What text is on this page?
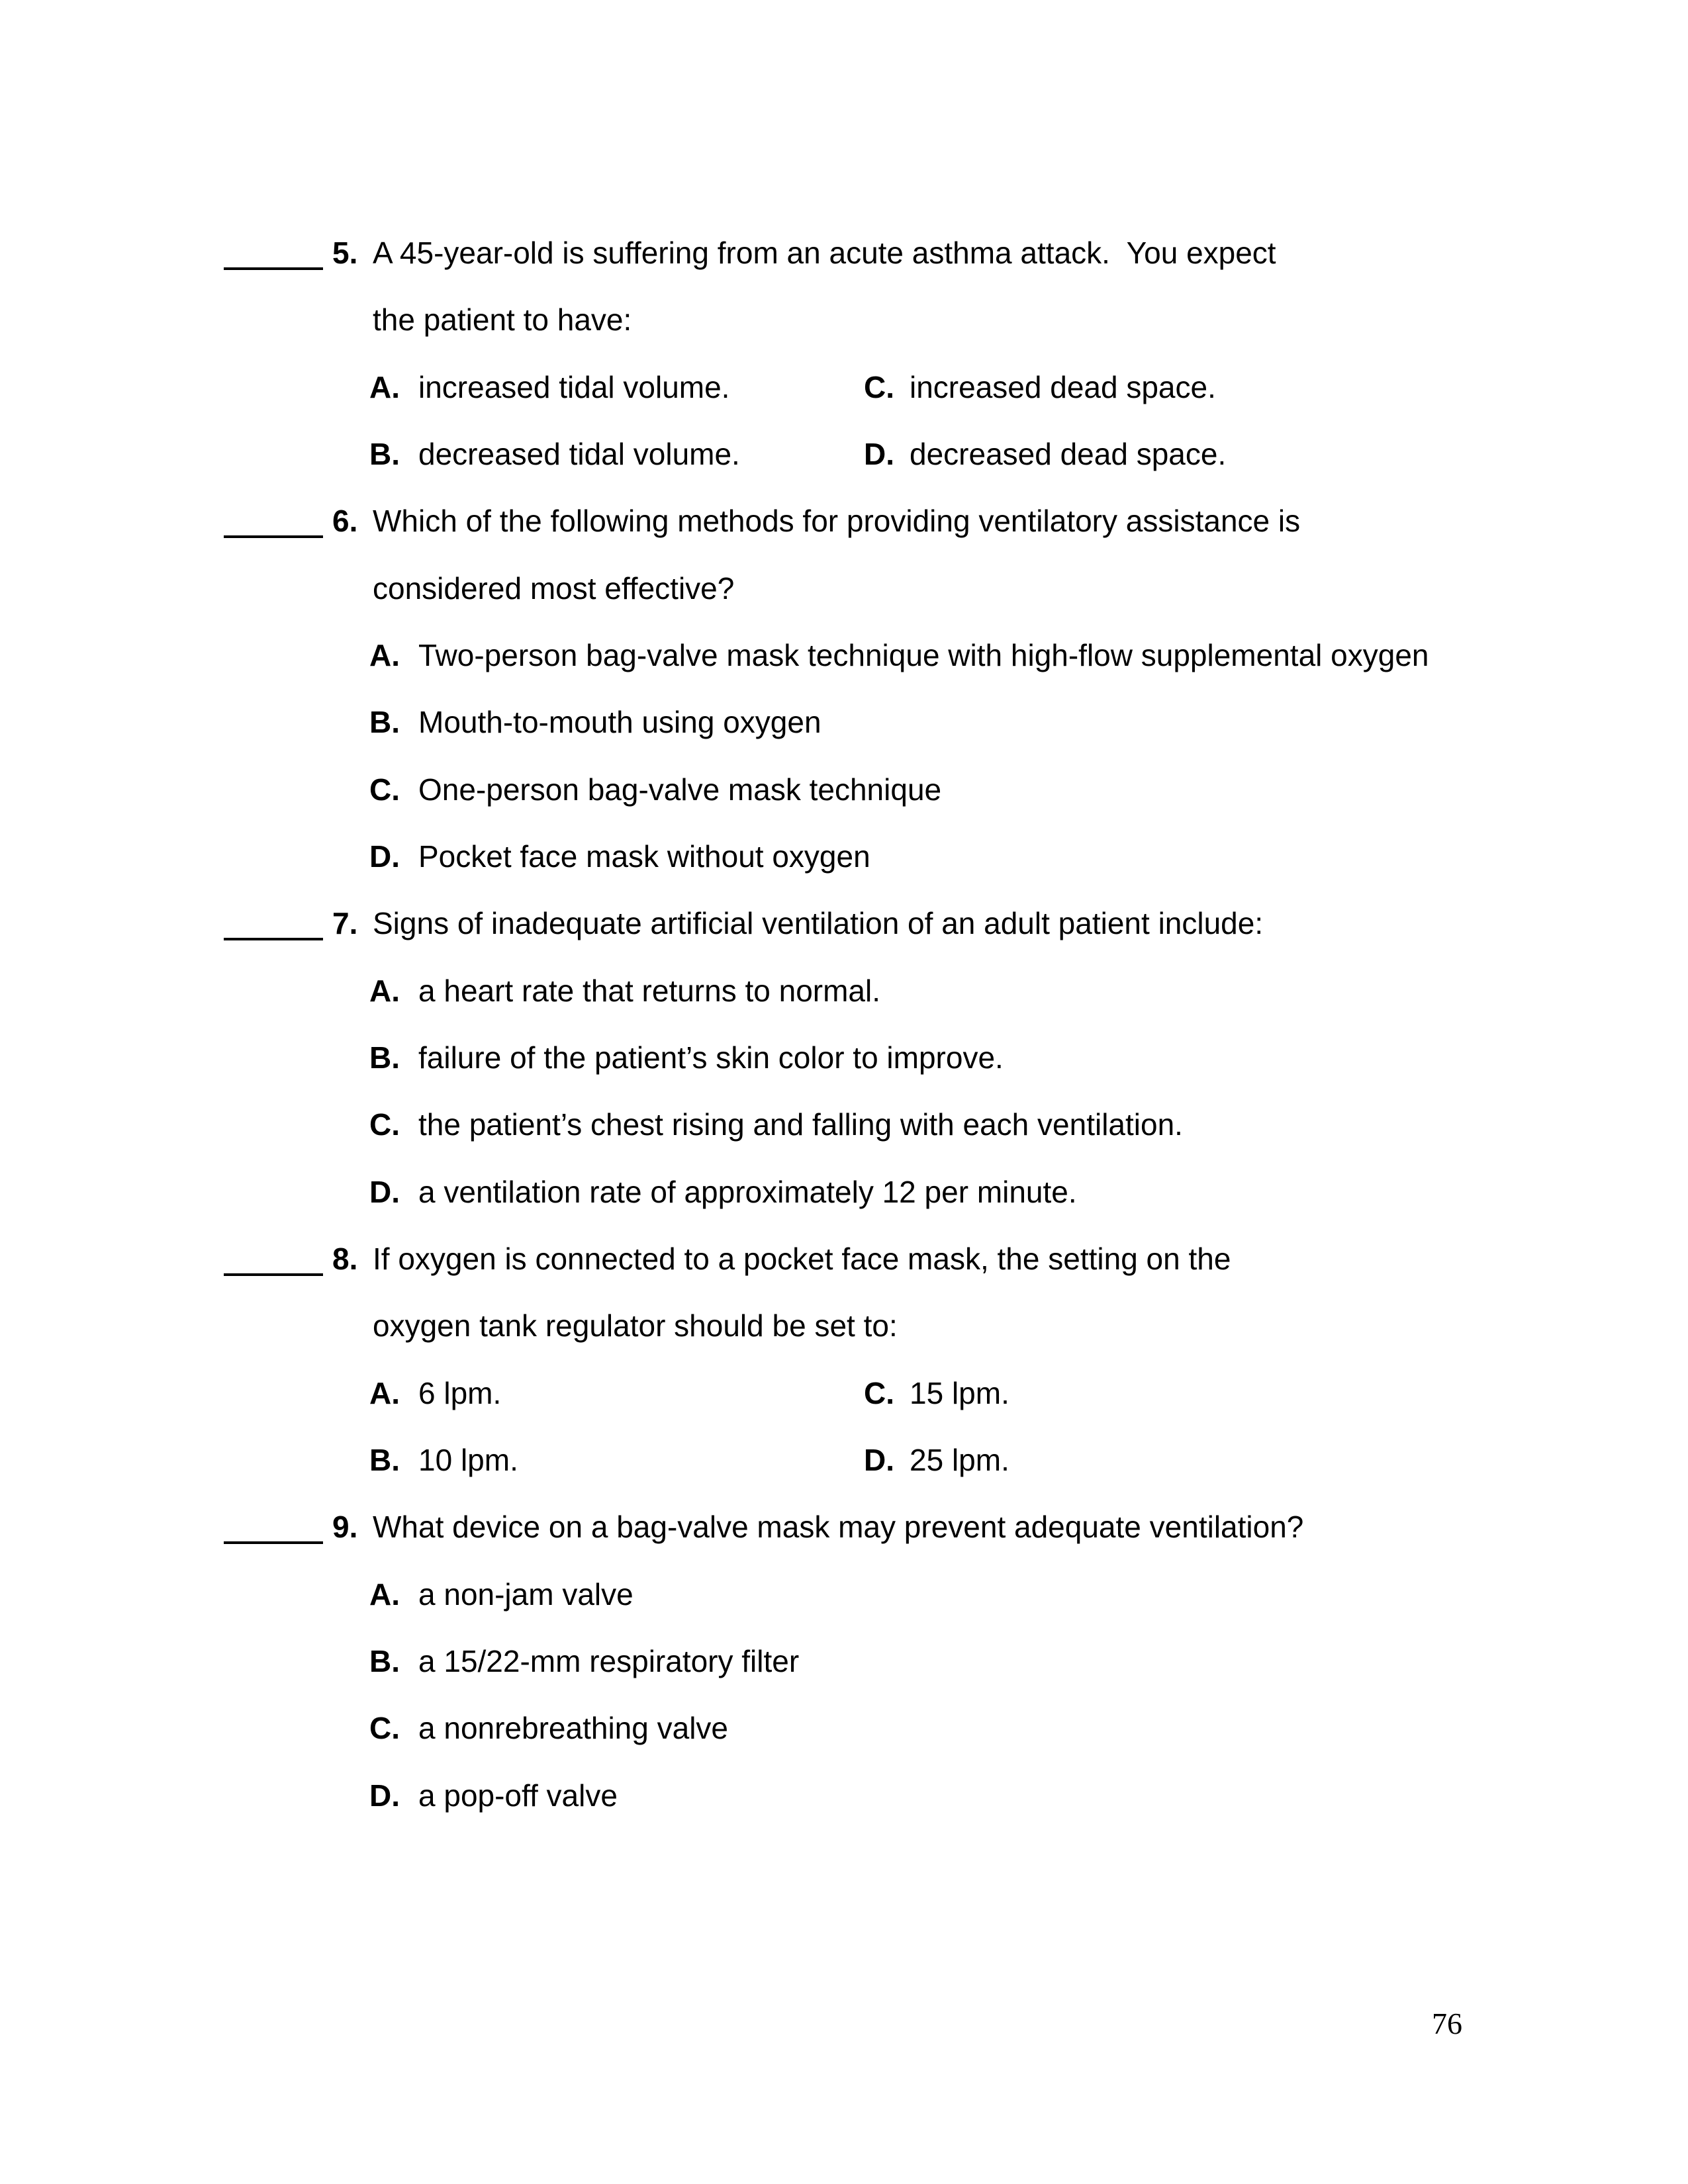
5. A 45-year-old is suffering from an acute asthma attack.  You expect
the patient to have:
A. increased tidal volume.	C. increased dead space.
B. decreased tidal volume.	D. decreased dead space.
6. Which of the following methods for providing ventilatory assistance is
considered most effective?
A. Two-person bag-valve mask technique with high-flow supplemental oxygen
B. Mouth-to-mouth using oxygen
C. One-person bag-valve mask technique
D. Pocket face mask without oxygen
7. Signs of inadequate artificial ventilation of an adult patient include:
A. a heart rate that returns to normal.
B. failure of the patient’s skin color to improve.
C. the patient’s chest rising and falling with each ventilation.
D. a ventilation rate of approximately 12 per minute.
8. If oxygen is connected to a pocket face mask, the setting on the
oxygen tank regulator should be set to:
A. 6 lpm.	C. 15 lpm.
B. 10 lpm.	D. 25 lpm.
9. What device on a bag-valve mask may prevent adequate ventilation?
A. a non-jam valve
B. a 15/22-mm respiratory filter
C. a nonrebreathing valve
D. a pop-off valve
76
